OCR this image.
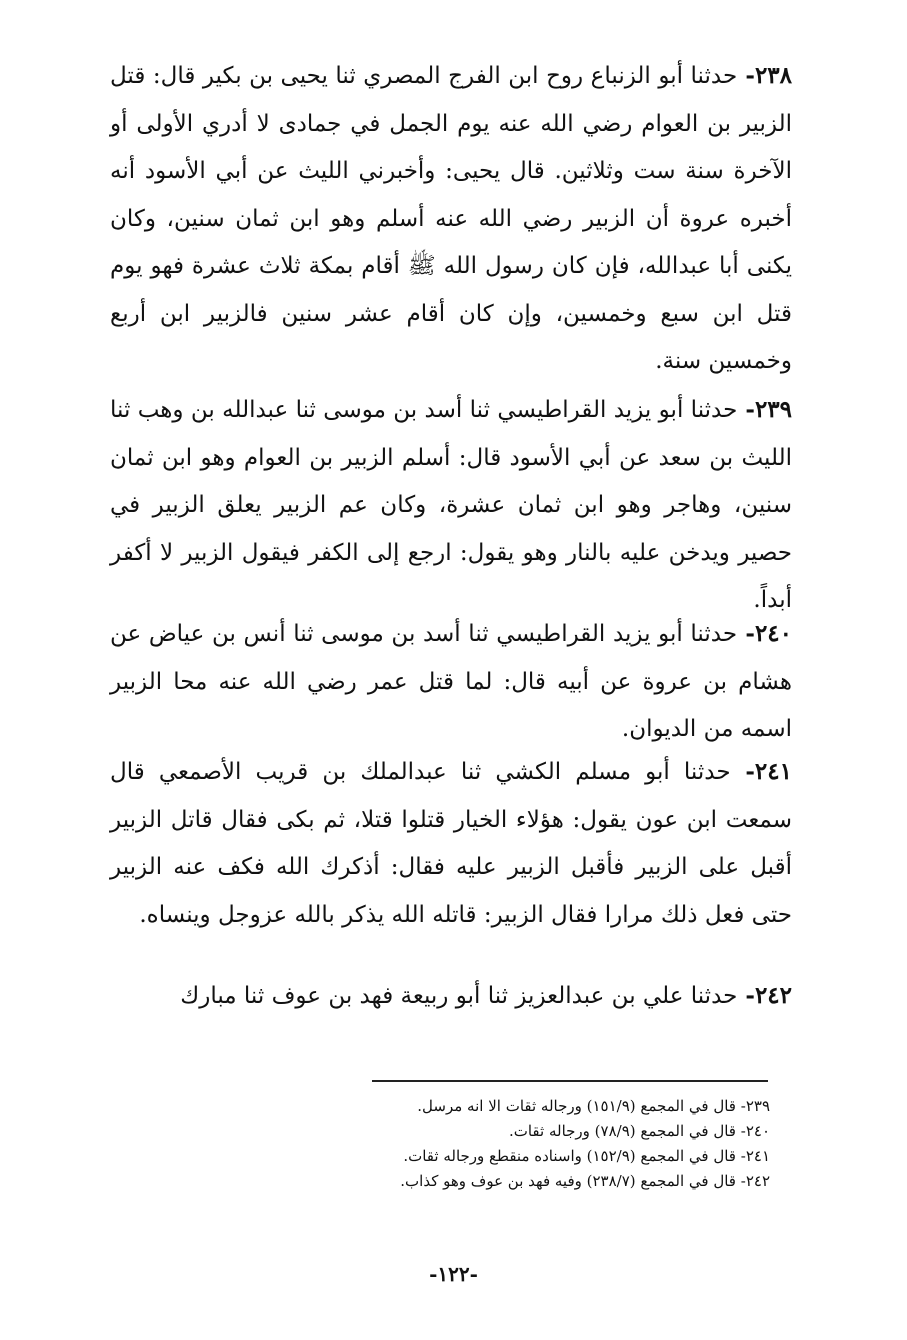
٢٣٨- حدثنا أبو الزنباع روح ابن الفرج المصري ثنا يحيى بن بكير قال: قتل الزبير بن العوام رضي الله عنه يوم الجمل في جمادى لا أدري الأولى أو الآخرة سنة ست وثلاثين. قال يحيى: وأخبرني الليث عن أبي الأسود أنه أخبره عروة أن الزبير رضي الله عنه أسلم وهو ابن ثمان سنين، وكان يكنى أبا عبدالله، فإن كان رسول الله ﷺ أقام بمكة ثلاث عشرة فهو يوم قتل ابن سبع وخمسين، وإن كان أقام عشر سنين فالزبير ابن أربع وخمسين سنة.

٢٣٩- حدثنا أبو يزيد القراطيسي ثنا أسد بن موسى ثنا عبدالله بن وهب ثنا الليث بن سعد عن أبي الأسود قال: أسلم الزبير بن العوام وهو ابن ثمان سنين، وهاجر وهو ابن ثمان عشرة، وكان عم الزبير يعلق الزبير في حصير ويدخن عليه بالنار وهو يقول: ارجع إلى الكفر فيقول الزبير لا أكفر أبداً.

٢٤٠- حدثنا أبو يزيد القراطيسي ثنا أسد بن موسى ثنا أنس بن عياض عن هشام بن عروة عن أبيه قال: لما قتل عمر رضي الله عنه محا الزبير اسمه من الديوان.

٢٤١- حدثنا أبو مسلم الكشي ثنا عبدالملك بن قريب الأصمعي قال سمعت ابن عون يقول: هؤلاء الخيار قتلوا قتلا، ثم بكى فقال قاتل الزبير أقبل على الزبير فأقبل الزبير عليه فقال: أذكرك الله فكف عنه الزبير حتى فعل ذلك مرارا فقال الزبير: قاتله الله يذكر بالله عزوجل وينساه.

٢٤٢- حدثنا علي بن عبدالعزيز ثنا أبو ربيعة فهد بن عوف ثنا مبارك

٢٣٩- قال في المجمع (١٥١/٩) ورجاله ثقات الا انه مرسل.

٢٤٠- قال في المجمع (٧٨/٩) ورجاله ثقات.

٢٤١- قال في المجمع (١٥٢/٩) واسناده منقطع ورجاله ثقات.

٢٤٢- قال في المجمع (٢٣٨/٧) وفيه فهد بن عوف وهو كذاب.

-١٢٢-
